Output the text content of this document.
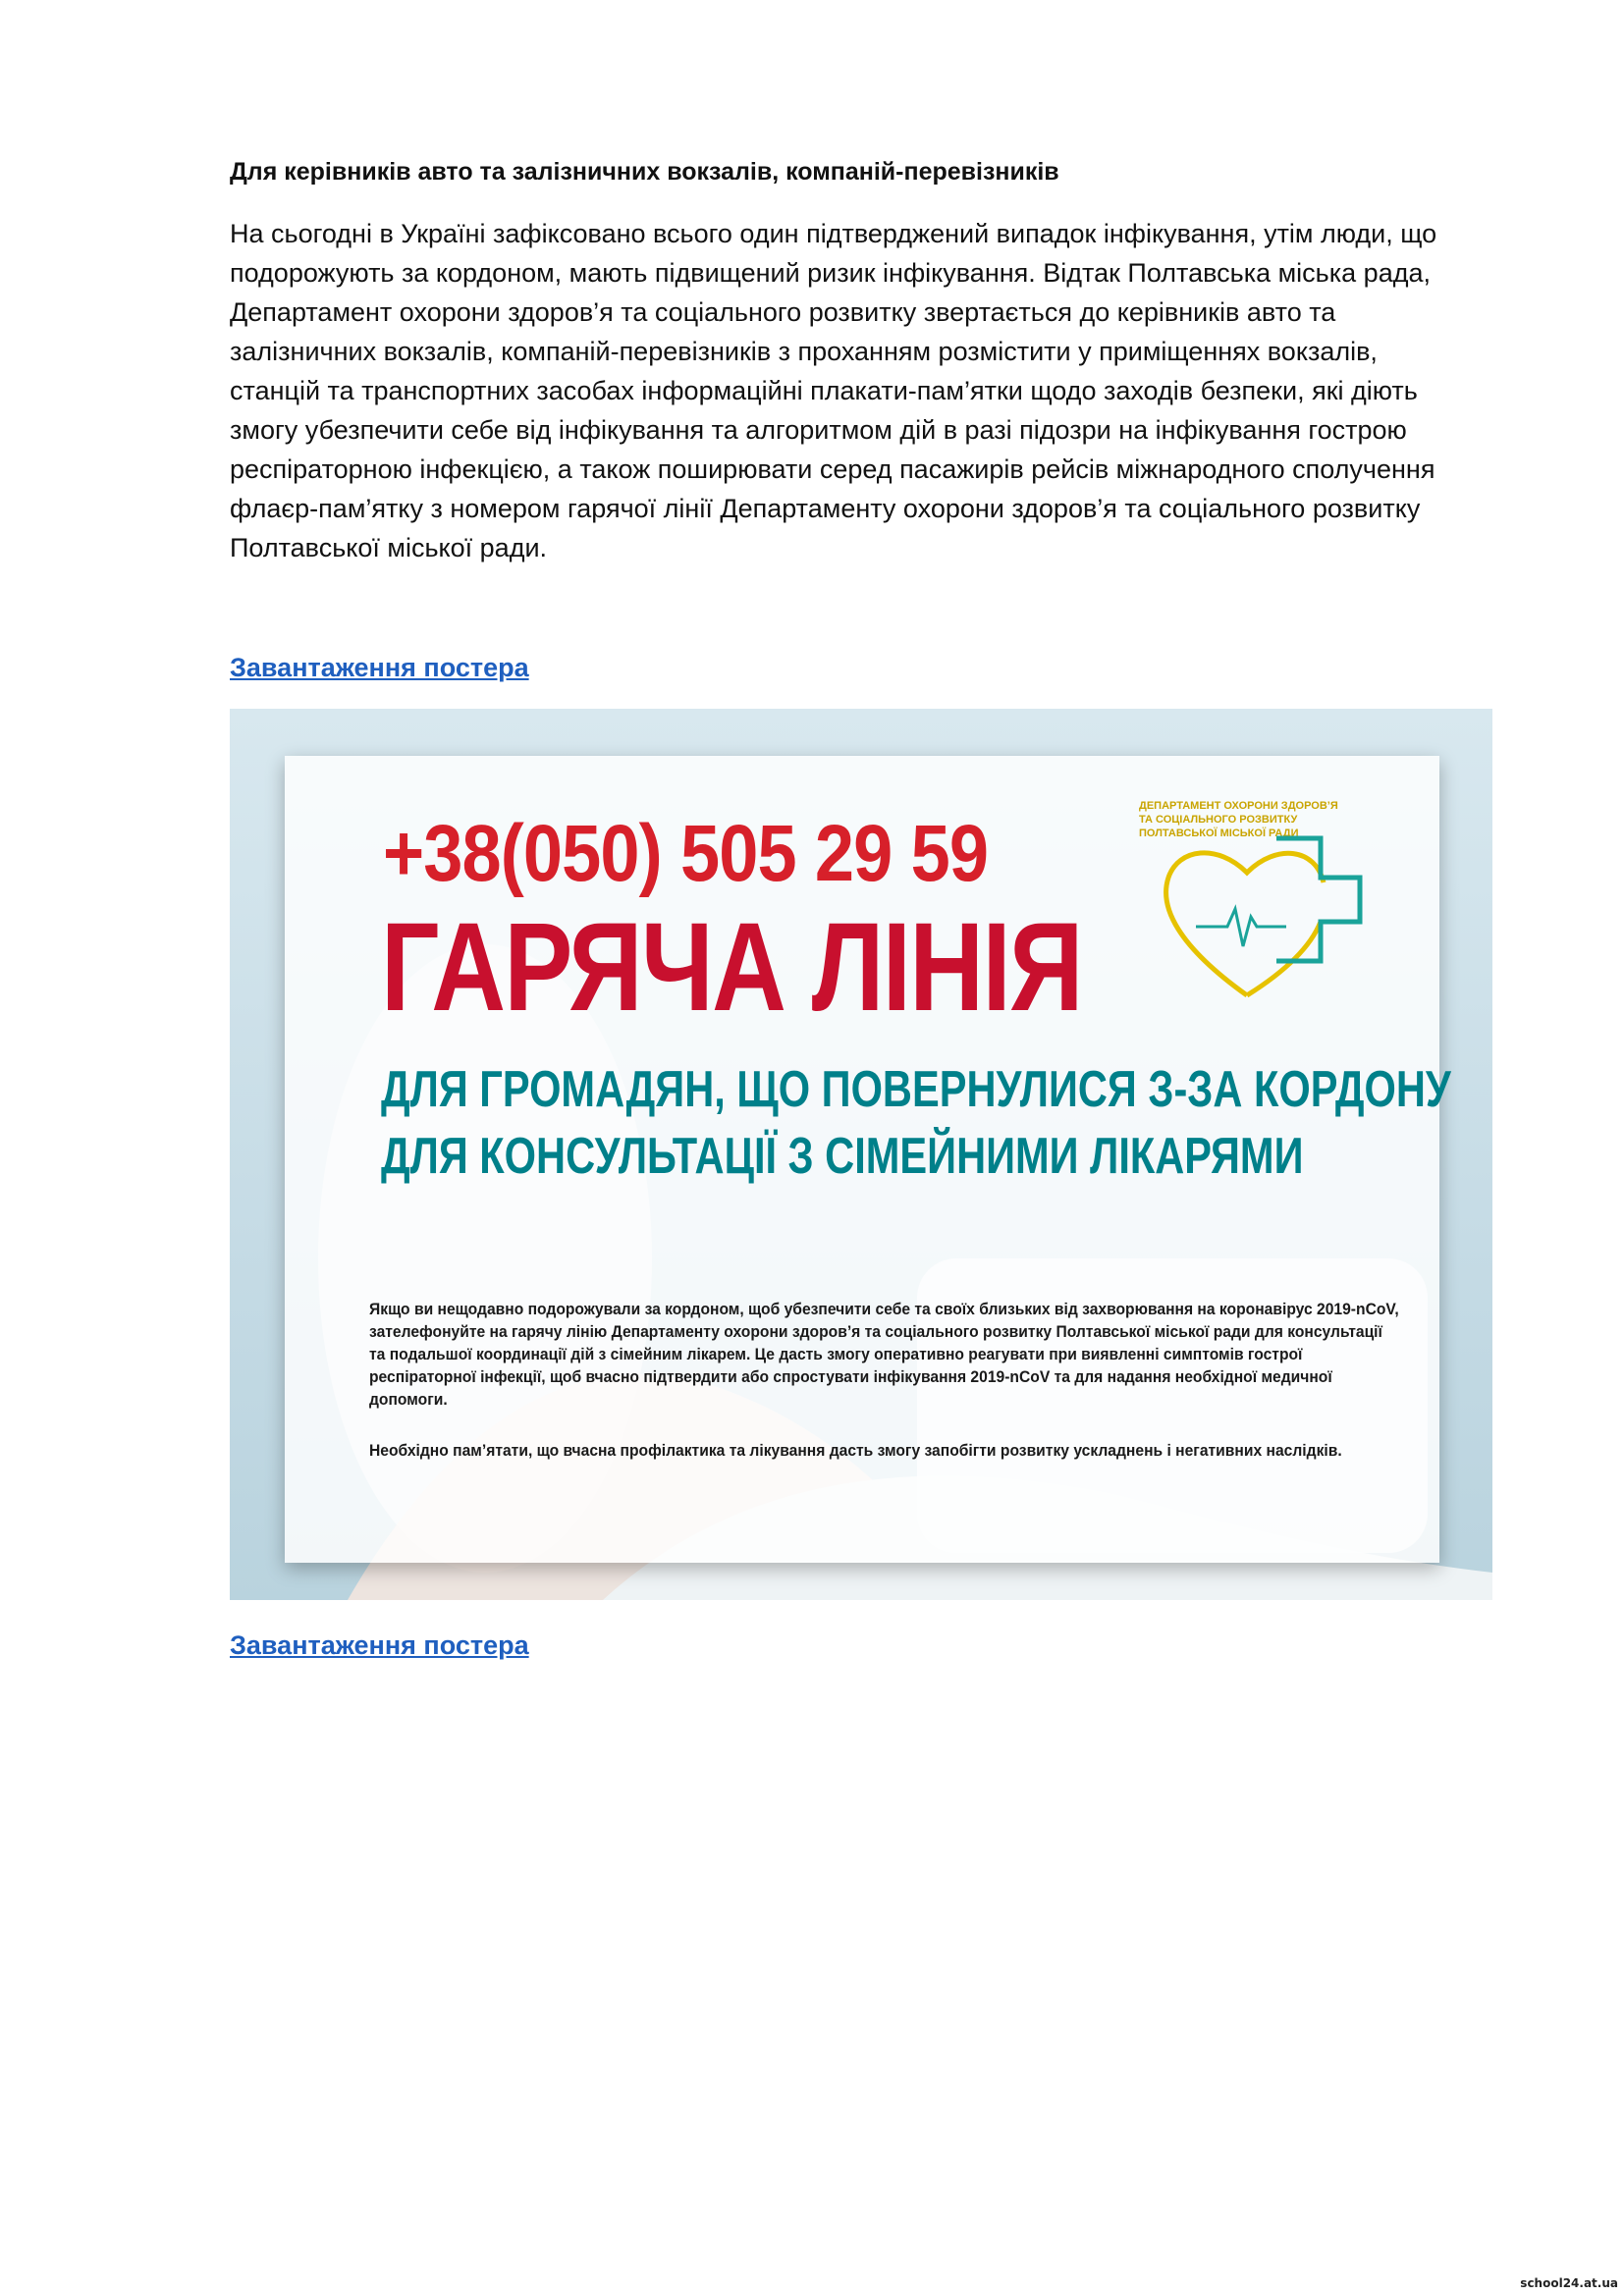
Для керівників авто та залізничних вокзалів, компаній-перевізників
На сьогодні в Україні зафіксовано всього один підтверджений випадок інфікування, утім люди, що
подорожують за кордоном, мають підвищений ризик інфікування. Відтак Полтавська міська рада,
Департамент охорони здоров’я та соціального розвитку звертається до керівників авто та
залізничних вокзалів, компаній-перевізників з проханням розмістити у приміщеннях вокзалів,
станцій та транспортних засобах інформаційні плакати-пам’ятки щодо заходів безпеки, які діють
змогу убезпечити себе від інфікування та алгоритмом дій в разі підозри на інфікування гострою
респіраторною інфекцією, а також поширювати серед пасажирів рейсів міжнародного сполучення
флаєр-пам’ятку з номером гарячої лінії Департаменту охорони здоров’я та соціального розвитку
Полтавської міської ради.
Завантаження постера
+38(050) 505 29 59
ГАРЯЧА ЛІНІЯ
ДЛЯ ГРОМАДЯН, ЩО ПОВЕРНУЛИСЯ З-ЗА КОРДОНУ
ДЛЯ КОНСУЛЬТАЦІЇ З СІМЕЙНИМИ ЛІКАРЯМИ
ДЕПАРТАМЕНТ ОХОРОНИ ЗДОРОВ’Я
ТА СОЦІАЛЬНОГО РОЗВИТКУ
ПОЛТАВСЬКОЇ МІСЬКОЇ РАДИ
Якщо ви нещодавно подорожували за кордоном, щоб убезпечити себе та своїх близьких від захворювання на коронавірус 2019-nCoV,
зателефонуйте на гарячу лінію Департаменту охорони здоров’я та соціального розвитку Полтавської міської ради для консультації
та подальшої координації дій з сімейним лікарем. Це дасть змогу оперативно реагувати при виявленні симптомів гострої
респіраторної інфекції, щоб вчасно підтвердити або спростувати інфікування 2019-nCoV та для надання необхідної медичної
допомоги.
Необхідно пам’ятати, що вчасна профілактика та лікування дасть змогу запобігти розвитку ускладнень і негативних наслідків.
Завантаження постера
school24.at.ua
